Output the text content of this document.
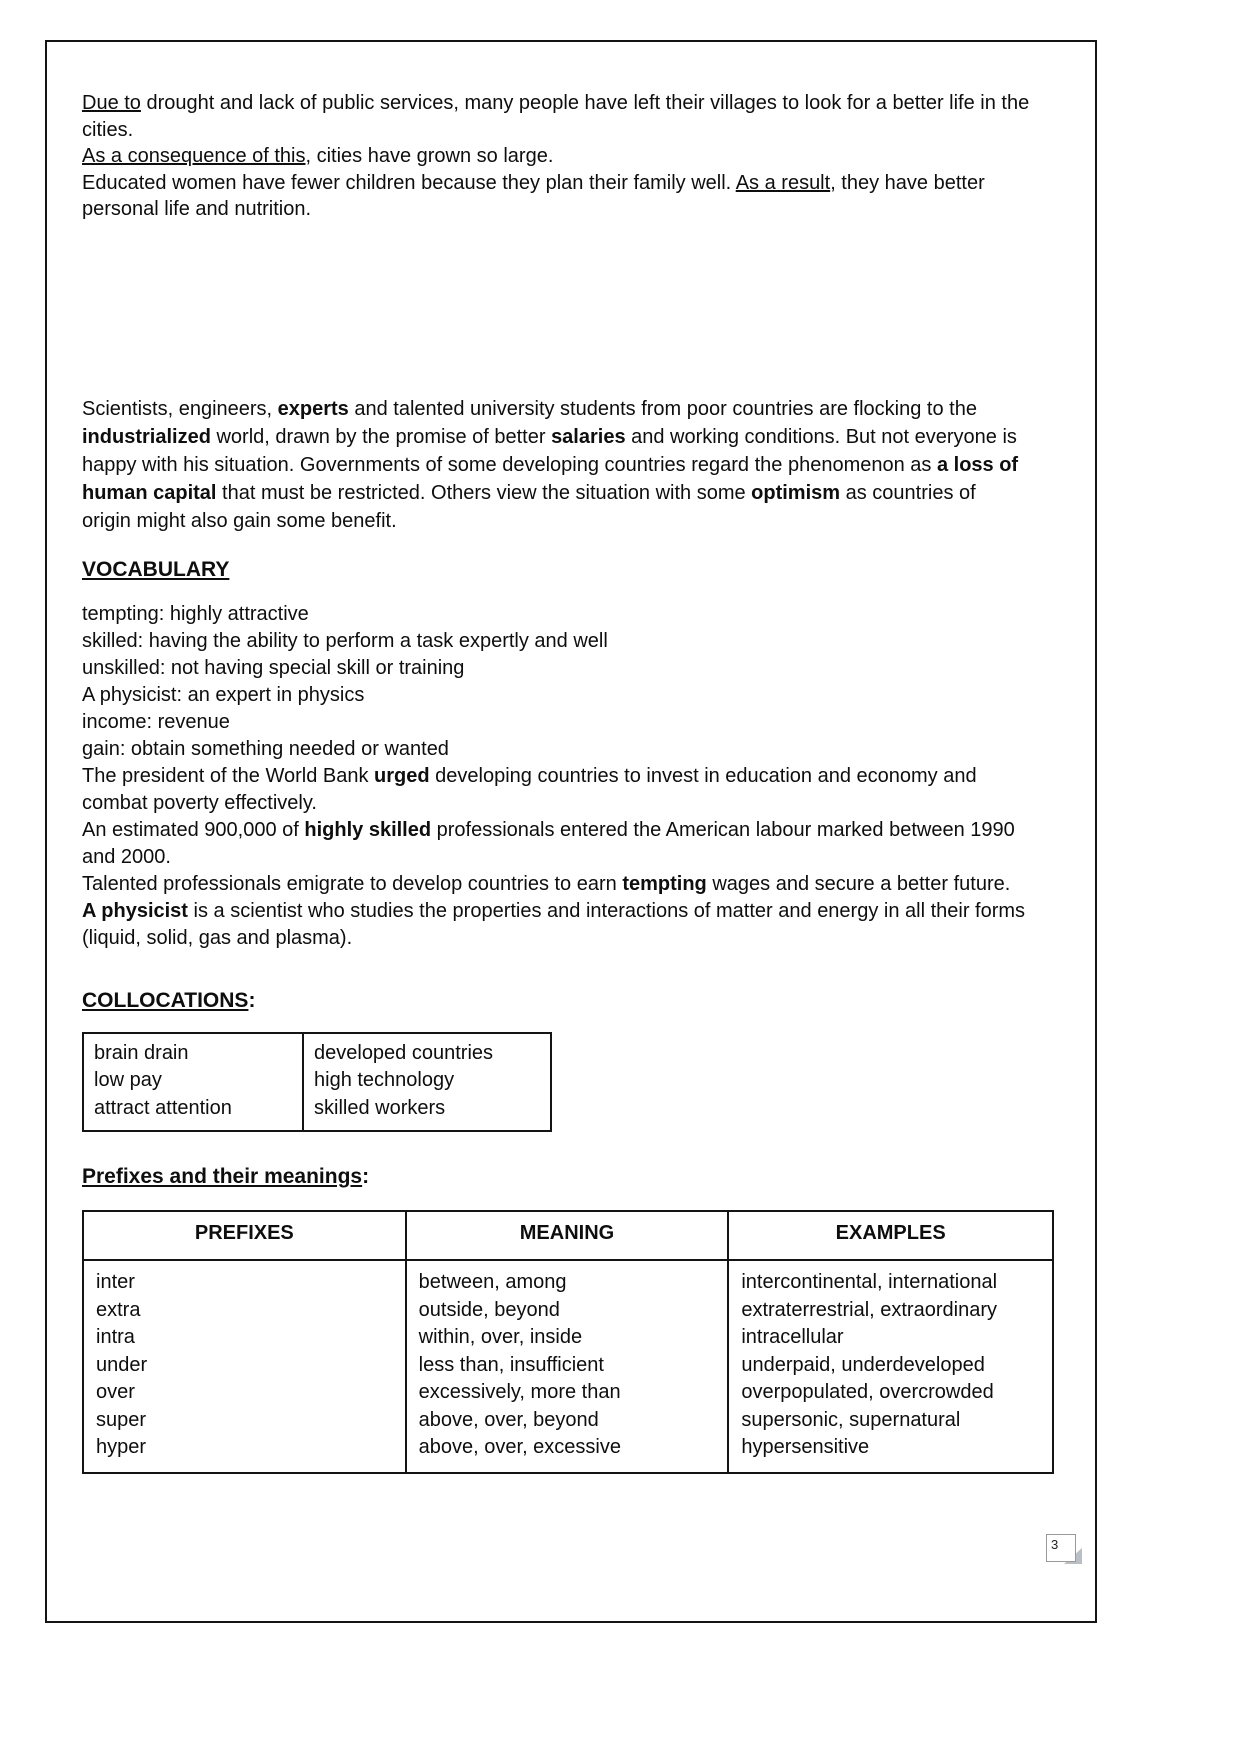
Due to drought and lack of public services, many people have left their villages to look for a better life in the cities.

As a consequence of this, cities have grown so large.

Educated women have fewer children because they plan their family well. As a result, they have better personal life and nutrition.

Scientists, engineers, experts and talented university students from poor countries are flocking to the industrialized world, drawn by the promise of better salaries and working conditions. But not everyone is happy with his situation. Governments of some developing countries regard the phenomenon as a loss of human capital that must be restricted. Others view the situation with some optimism as countries of origin might also gain some benefit.

VOCABULARY

tempting: highly attractive

skilled: having the ability to perform a task expertly and well

unskilled: not having special skill or training

A physicist: an expert in physics

income: revenue

gain: obtain something needed or wanted

The president of the World Bank urged developing countries to invest in education and economy and combat poverty effectively.

An estimated 900,000 of highly skilled professionals entered the American labour marked between 1990 and 2000.

Talented professionals emigrate to develop countries to earn tempting wages and secure a better future.

A physicist is a scientist who studies the properties and interactions of matter and energy in all their forms (liquid, solid, gas and plasma).

COLLOCATIONS:
brain drain
low pay
attract attention
developed countries
high technology
skilled workers
Prefixes and their meanings:
PREFIXES	MEANING	EXAMPLES
inter
extra
intra
under
over
super
hyper
between, among
outside, beyond
within, over, inside
less than, insufficient
excessively, more than
above, over, beyond
above, over, excessive
intercontinental, international
extraterrestrial, extraordinary
intracellular
underpaid, underdeveloped
overpopulated, overcrowded
supersonic, supernatural
hypersensitive
3
